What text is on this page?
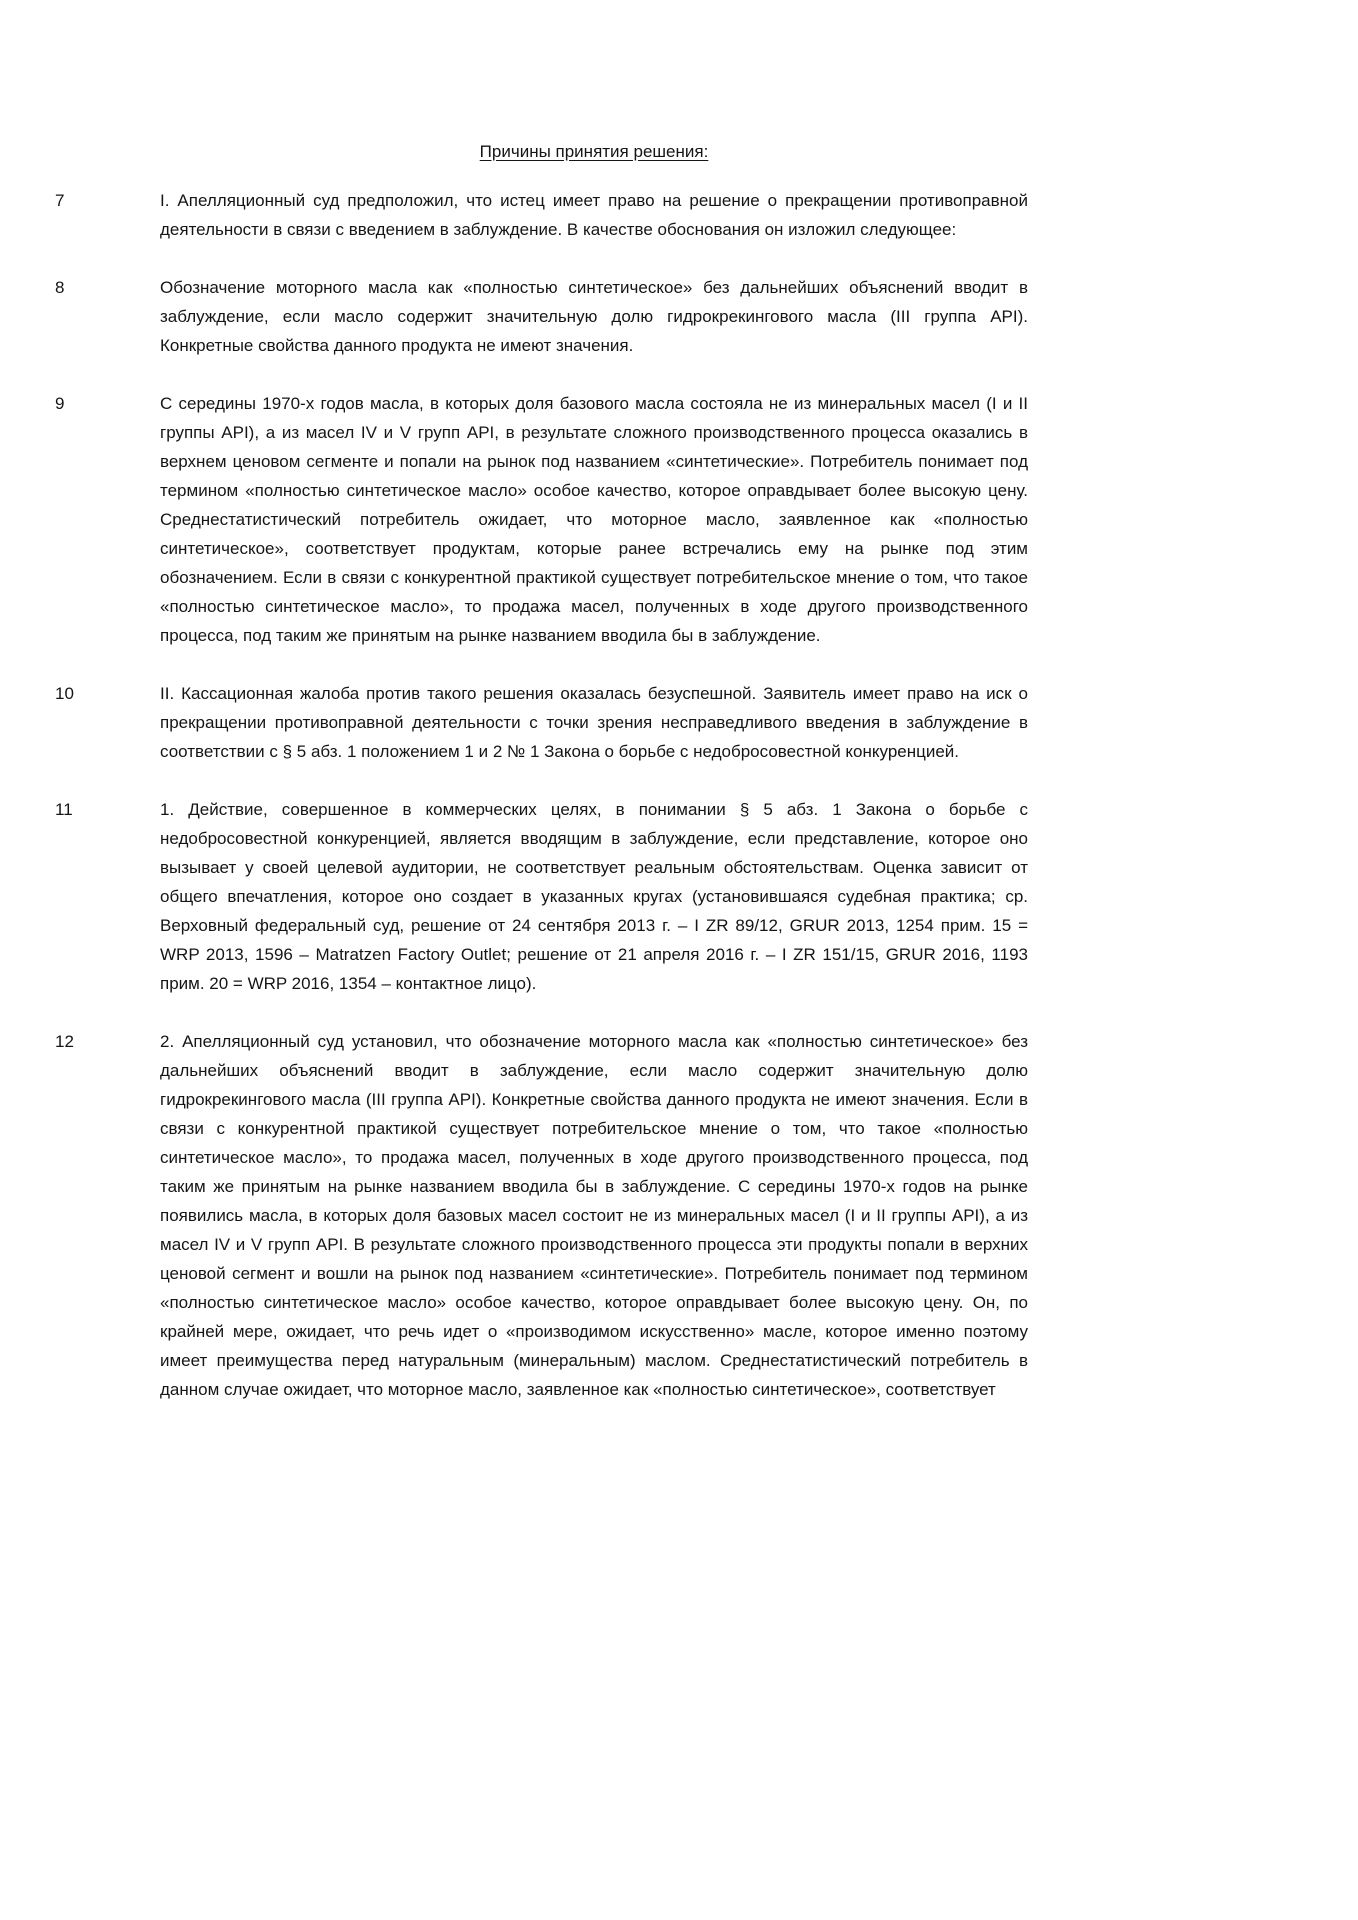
Причины принятия решения:
7	I. Апелляционный суд предположил, что истец имеет право на решение о прекращении противоправной деятельности в связи с введением в заблуждение. В качестве обоснования он изложил следующее:
8	Обозначение моторного масла как «полностью синтетическое» без дальнейших объяснений вводит в заблуждение, если масло содержит значительную долю гидрокрекингового масла (III группа API). Конкретные свойства данного продукта не имеют значения.
9	С середины 1970-х годов масла, в которых доля базового масла состояла не из минеральных масел (I и II группы API), а из масел IV и V групп API, в результате сложного производственного процесса оказались в верхнем ценовом сегменте и попали на рынок под названием «синтетические». Потребитель понимает под термином «полностью синтетическое масло» особое качество, которое оправдывает более высокую цену. Среднестатистический потребитель ожидает, что моторное масло, заявленное как «полностью синтетическое», соответствует продуктам, которые ранее встречались ему на рынке под этим обозначением. Если в связи с конкурентной практикой существует потребительское мнение о том, что такое «полностью синтетическое масло», то продажа масел, полученных в ходе другого производственного процесса, под таким же принятым на рынке названием вводила бы в заблуждение.
10	II. Кассационная жалоба против такого решения оказалась безуспешной. Заявитель имеет право на иск о прекращении противоправной деятельности с точки зрения несправедливого введения в заблуждение в соответствии с § 5 абз. 1 положением 1 и 2 № 1 Закона о борьбе с недобросовестной конкуренцией.
11	1. Действие, совершенное в коммерческих целях, в понимании § 5 абз. 1 Закона о борьбе с недобросовестной конкуренцией, является вводящим в заблуждение, если представление, которое оно вызывает у своей целевой аудитории, не соответствует реальным обстоятельствам. Оценка зависит от общего впечатления, которое оно создает в указанных кругах (установившаяся судебная практика; ср. Верховный федеральный суд, решение от 24 сентября 2013 г. – I ZR 89/12, GRUR 2013, 1254 прим. 15 = WRP 2013, 1596 – Matratzen Factory Outlet; решение от 21 апреля 2016 г. – I ZR 151/15, GRUR 2016, 1193 прим. 20 = WRP 2016, 1354 – контактное лицо).
12	2. Апелляционный суд установил, что обозначение моторного масла как «полностью синтетическое» без дальнейших объяснений вводит в заблуждение, если масло содержит значительную долю гидрокрекингового масла (III группа API). Конкретные свойства данного продукта не имеют значения. Если в связи с конкурентной практикой существует потребительское мнение о том, что такое «полностью синтетическое масло», то продажа масел, полученных в ходе другого производственного процесса, под таким же принятым на рынке названием вводила бы в заблуждение. С середины 1970-х годов на рынке появились масла, в которых доля базовых масел состоит не из минеральных масел (I и II группы API), а из масел IV и V групп API. В результате сложного производственного процесса эти продукты попали в верхних ценовой сегмент и вошли на рынок под названием «синтетические». Потребитель понимает под термином «полностью синтетическое масло» особое качество, которое оправдывает более высокую цену. Он, по крайней мере, ожидает, что речь идет о «производимом искусственно» масле, которое именно поэтому имеет преимущества перед натуральным (минеральным) маслом. Среднестатистический потребитель в данном случае ожидает, что моторное масло, заявленное как «полностью синтетическое», соответствует
